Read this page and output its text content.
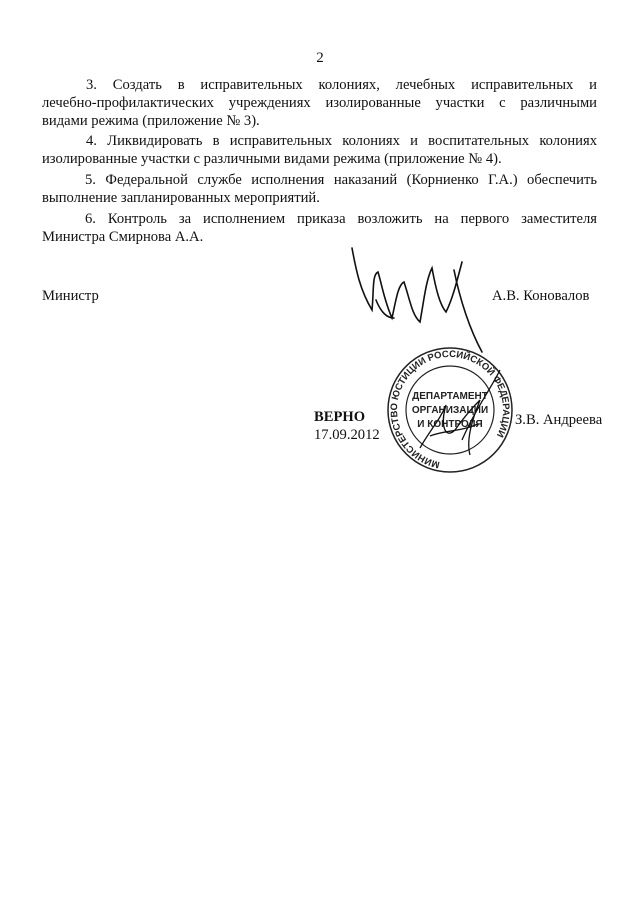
2
3. Создать в исправительных колониях, лечебных исправительных и
лечебно-профилактических учреждениях изолированные участки с различными
видами режима (приложение № 3).
4. Ликвидировать в исправительных колониях и воспитательных колониях
изолированные участки с различными видами режима (приложение № 4).
5. Федеральной службе исполнения наказаний (Корниенко Г.А.) обеспечить
выполнение запланированных мероприятий.
6. Контроль за исполнением приказа возложить на первого заместителя
Министра Смирнова А.А.
Министр	А.В. Коновалов
МИНИСТЕРСТВО ЮСТИЦИИ РОССИЙСКОЙ ФЕДЕРАЦИИ
ДЕПАРТАМЕНТ
ОРГАНИЗАЦИИ
И КОНТРОЛЯ
ВЕРНО
17.09.2012
З.В. Андреева
